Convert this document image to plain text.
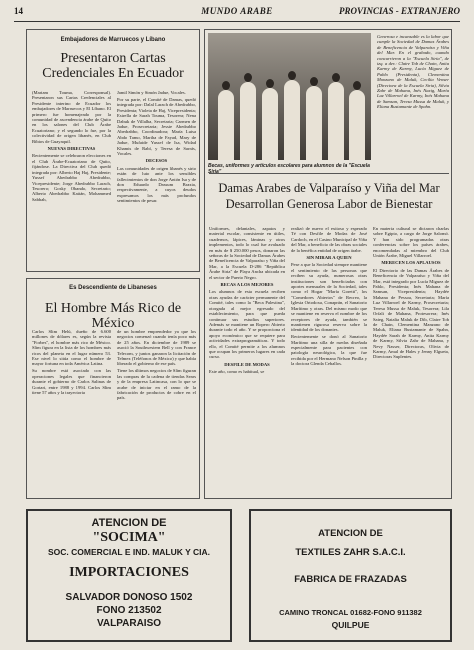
14	MUNDO ARABE	PROVINCIAS - EXTRANJERO
Embajadores de Marruecos y Líbano
Presentaron Cartas Credenciales En Ecuador

(Mariam Touma, Corresponsal). Presentaron sus Cartas Credenciales al Presidente interino de Ecuador los embajadores de Marruecos y El Líbano. El primero fue homenajeado por la comunidad de ascendencia árabe de Quito en los salones del Club Árabe Ecuatoriano; y el segundo lo fue, por la colectividad de origen libanés, en Club Bibios de Guayaquil.

NUEVAS DIRECTIVAS

Recientemente se celebraron elecciones en el Club Árabe-Ecuatoriano de Quito, fijándose. La Directiva del Club quedó integrada por: Alberto Haj Haj, Presidente; Yussef Abedrabbo Abedrabbo, Vicepresidente; Jorge Abedrabbo Larach, Tesorero; Gosky Obando, Secretario; Alberto Abedrabbo Kattán, Mohammed Sabbah,

Jamil Simón y Simón Jadue, Vocales.

Por su parte, el Comité de Damas, quedó integrada por: Dalal Larach de Abedrabbo, Presidenta; Violeta de Haj, Vicepresidenta; Estrella de Sarah Touma, Tesorera; Nena Dabuk de Villalba, Secretaria; Carmen de Jadue, Prosecretaria; Jessie Abedrabbo Abedrabbo, Coordinadora; María Luisa Abdo Tamo, Martha de Fayad, Mary de Jadue, Mufaide Yussef de Isa, Widad Khamis de Rabí, y Teresa de Sarrás, Vocales.

DECESOS

Las comunidades de origen libanés y sirio están de luto ante los sensibles fallecimientos de don Jorge Antón Isa y de don Eduardo Dassum Braxia, respectivamente, a cuyos deudos expresamos los más profundos sentimientos de pesar.

Es Descendiente de Libaneses
El Hombre Más Rico de México

Carlos Slim Helú, dueño de 6.600 millones de dólares es, según la revista "Forbes", el hombre más rico de México. Slim figura en la lista de los hombres más ricos del planeta en el lugar número 53. Ese nivel lo sitúa como el hombre de mayor fortuna en toda América Latina.

Su nombre está asociado con las operaciones legales que financieron durante el gobierno de Carlos Salinas de Gortari, entre 1988 y 1994. Carlos Slim tiene 57 años y la trayectoria

de un hombre emprendedor ya que los negocios comenzó cuando tenía poco más de 25 años. En diciembre de 1989 se asoció la Southwestern Bell y con France Telecom, y juntos ganaron la licitación de Telmex (Teléfonos de México) y que había liberado el gobierno de ese país.

Tiene los últimos negocios de Slim figuran las compras de la cadena de tiendas Sears y de la empresa Latincasa, con lo que se acabe de iniciar en el ramo de la fabricación de productos de cobre en el país.

Becas, uniformes y artículos escolares para alumnos de la "Escuela Siria"

Generosa e incansable es la labor que cumple la Sociedad de Damas Árabes de Beneficencia de Valparaíso y Viña del Mar. En el grabado, cuando concurrieron a la "Escuela Siria", de izq. a der.: Claire Tob de Chain, Anita Karmy de Karmy, Lucía Miguez de Pablo (Presidenta), Clementina Monzano de Maluk, Cecilia Venser (Directora de la Escuela Siria), Silvia Zahr de Mahana, Inés Naxig, María Luz Villarroel de Karmy, Inés Mahana de Samsan, Teresa Mussa de Maluk, y Eliana Bustamante de Spahn.

Damas Arabes de Valparaíso y Viña del Mar Desarrollan Generosa Labor de Bienestar

Uniformes, delantales, zapatos y material escolar, consistente en útiles, cuadernos, lápices, láminas y otros implementos, todo lo cual fue avaluado en más de $ 250.000 pesos, donaron las señoras de la Sociedad de Damas Árabes de Beneficencia de Valparaíso y Viña del Mar, a la Escuela D-286 "República Árabe Siria" de Playa Ancha ubicada en el sector de Puerto Negro.

BECAS A LOS MEJORES

Los alumnos de esta escuela reciben otras ayudas de carácter permanente del Comité, tales como la "Beca Palestina", otorgada al mejor egresado del establecimiento, para que pueda continuar sus estudios superiores. Además se mantiene un Ropero Abierto durante todo el año. Y se proporciona el apoyo económico que se requiere para actividades extraprogramáticas. Y todo ello, el Comité permite a los alumnos que ocupan los primeros lugares en cada curso.

DESFILE DE MODAS

Este año, como es habitual, se

realizó de nuevo el exitoso y esperado Té con Desfile de Modas de José Cardoch, en el Casino Municipal de Viña del Mar, a beneficio de las obras sociales de la benéfica entidad de origen árabe.

SIN MIRAR A QUIEN

Pese a que la Sociedad siempre mantiene el sentimiento de las personas que reciben su ayuda, numerosas otras instituciones son beneficiadas con aportes mensuales de la Sociedad, tales como el Hogar "María Goretti", los "Comedores Abiertos" de Recreo, la Iglesia Ortodoxa, Conaprán, el Sanatorio Marítimo y otras. Del mismo modo que se mantiene en reserva el nombre de los receptores de ayuda, también se mantienen rigurosa reserva sobre la identidad de los donantes.

Recientemente se donó al Sanatorio Marítimo una silla de ruedas diseñada especialmente para pacientes con patología neurológica, la que fue recibida por el Hermano Nelson Pinilla y la doctora Glenda Ceballos.

En materia cultural se dictaron charlas sobre Egipto, a cargo de Jorge Salomó. Y han sido programadas otras conferencias sobre los países árabes, encomendadas al miembro del Club Unión Árabe, Miguel Villarroel.

MERECEN LOS APLAUSOS

El Directorio de las Damas Árabes de Beneficencia de Valparaíso y Viña del Mar, está integrado por Lucía Miguez de Pablo, Presidenta; Inés Mahana de Samsan, Vicepresidenta; Haydée Mahana de Pessoa, Secretaria; María Luz Villarroel de Karmy, Prosecretaria; Teresa Mussa de Maluk, Tesorera; Lila Orfali de Mahana, Protesorera; Inés Saieg, Natalia Maluk de Dib, Claire Tob de Chain, Clementina Manzano de Maluk, Eliana Bustamante de Spahn, Haydée Sarah de Karmy, Anita Karmy de Karmy, Silvia Zahr de Mahana, y Nevy Nasser, Directoras, Olivia de Karmy, Amal de Hales y Jenny Elgueta, Directoras Suplentes.

ATENCION DE
"SOCIMA"
SOC. COMERCIAL E IND. MALUK Y CIA.
IMPORTACIONES
SALVADOR DONOSO 1502
FONO 213502
VALPARAISO
ATENCION DE
TEXTILES ZAHR S.A.C.I.
FABRICA DE FRAZADAS
CAMINO TRONCAL 01682-FONO 911382
QUILPUE
